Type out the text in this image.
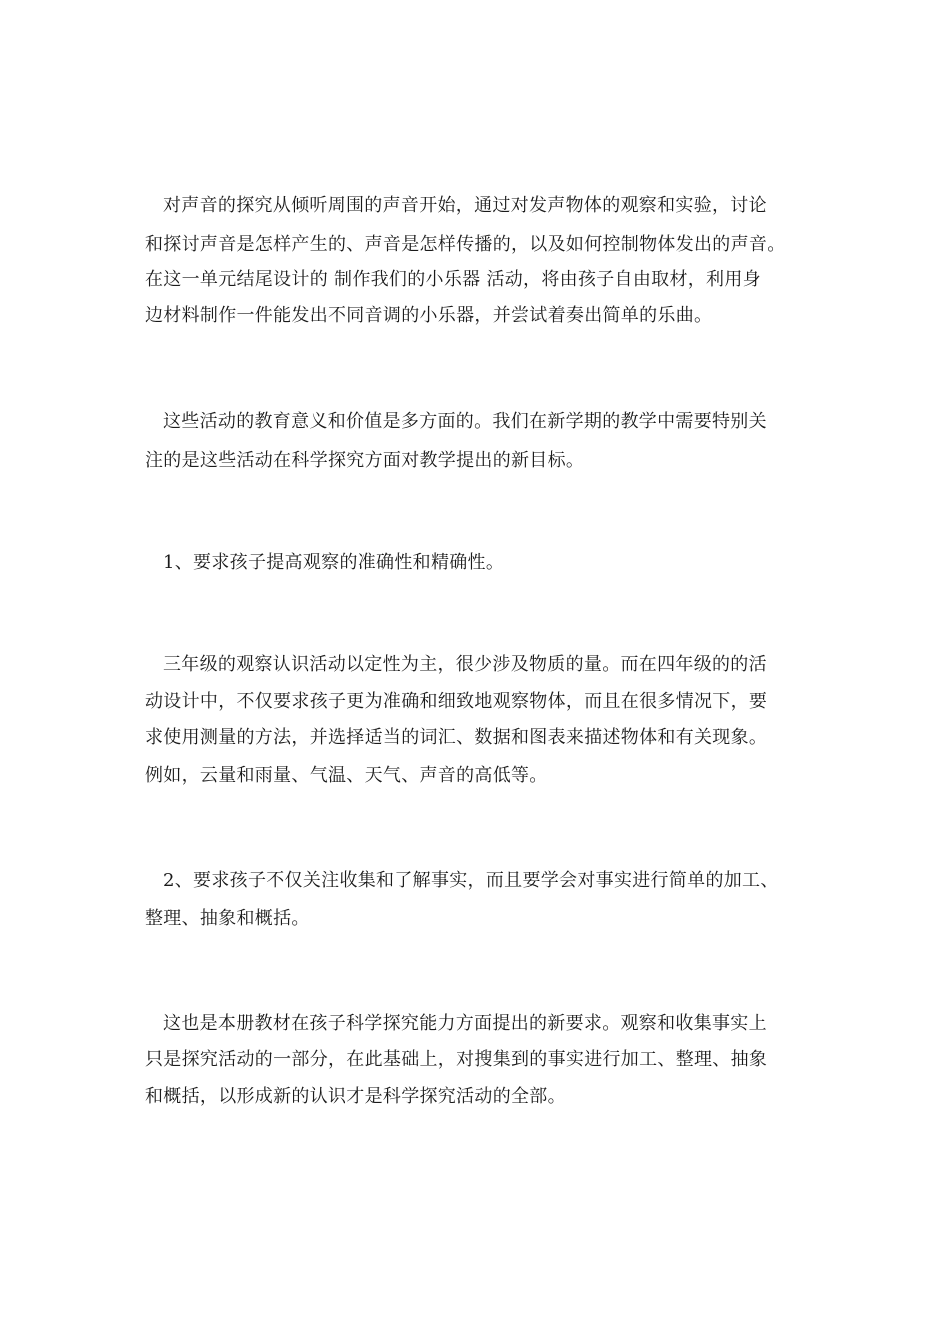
对声音的探究从倾听周围的声音开始，通过对发声物体的观察和实验，讨论
和探讨声音是怎样产生的、声音是怎样传播的，以及如何控制物体发出的声音。
在这一单元结尾设计的 制作我们的小乐器 活动，将由孩子自由取材，利用身
边材料制作一件能发出不同音调的小乐器，并尝试着奏出简单的乐曲。
这些活动的教育意义和价值是多方面的。我们在新学期的教学中需要特别关
注的是这些活动在科学探究方面对教学提出的新目标。
1、要求孩子提高观察的准确性和精确性。
三年级的观察认识活动以定性为主，很少涉及物质的量。而在四年级的的活
动设计中，不仅要求孩子更为准确和细致地观察物体，而且在很多情况下，要
求使用测量的方法，并选择适当的词汇、数据和图表来描述物体和有关现象。
例如，云量和雨量、气温、天气、声音的高低等。
2、要求孩子不仅关注收集和了解事实，而且要学会对事实进行简单的加工、
整理、抽象和概括。
这也是本册教材在孩子科学探究能力方面提出的新要求。观察和收集事实上
只是探究活动的一部分，在此基础上，对搜集到的事实进行加工、整理、抽象
和概括，以形成新的认识才是科学探究活动的全部。
